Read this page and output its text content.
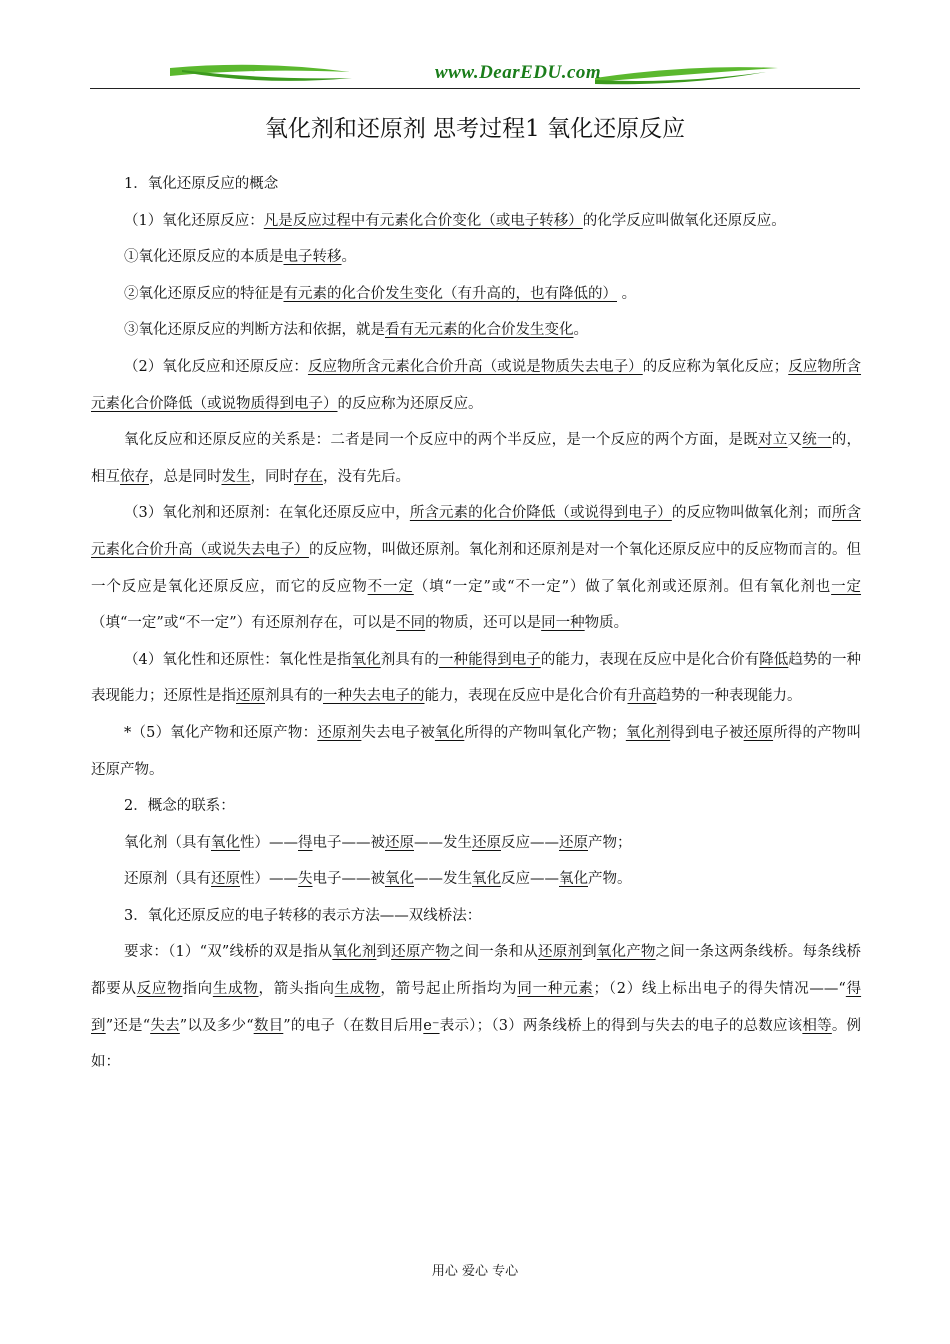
www.DearEDU.com
氧化剂和还原剂 思考过程1 氧化还原反应

1．氧化还原反应的概念

（1）氧化还原反应：凡是反应过程中有元素化合价变化（或电子转移）的化学反应叫做氧化还原反应。

①氧化还原反应的本质是电子转移。

②氧化还原反应的特征是有元素的化合价发生变化（有升高的，也有降低的） 。

③氧化还原反应的判断方法和依据，就是看有无元素的化合价发生变化。

（2）氧化反应和还原反应：反应物所含元素化合价升高（或说是物质失去电子）的反应称为氧化反应；反应物所含元素化合价降低（或说物质得到电子）的反应称为还原反应。

氧化反应和还原反应的关系是：二者是同一个反应中的两个半反应，是一个反应的两个方面，是既对立又统一的，相互依存，总是同时发生，同时存在，没有先后。

（3）氧化剂和还原剂：在氧化还原反应中，所含元素的化合价降低（或说得到电子）的反应物叫做氧化剂；而所含元素化合价升高（或说失去电子）的反应物，叫做还原剂。氧化剂和还原剂是对一个氧化还原反应中的反应物而言的。但一个反应是氧化还原反应，而它的反应物不一定（填“一定”或“不一定”）做了氧化剂或还原剂。但有氧化剂也一定（填“一定”或“不一定”）有还原剂存在，可以是不同的物质，还可以是同一种物质。

（4）氧化性和还原性：氧化性是指氧化剂具有的一种能得到电子的能力，表现在反应中是化合价有降低趋势的一种表现能力；还原性是指还原剂具有的一种失去电子的能力，表现在反应中是化合价有升高趋势的一种表现能力。

*（5）氧化产物和还原产物：还原剂失去电子被氧化所得的产物叫氧化产物；氧化剂得到电子被还原所得的产物叫还原产物。

2．概念的联系：

氧化剂（具有氧化性）——得电子——被还原——发生还原反应——还原产物；

还原剂（具有还原性）——失电子——被氧化——发生氧化反应——氧化产物。

3．氧化还原反应的电子转移的表示方法——双线桥法：

要求：（1）“双”线桥的双是指从氧化剂到还原产物之间一条和从还原剂到氧化产物之间一条这两条线桥。每条线桥都要从反应物指向生成物，箭头指向生成物，箭号起止所指均为同一种元素；（2）线上标出电子的得失情况——“得到”还是“失去”以及多少“数目”的电子（在数目后用e⁻表示）；（3）两条线桥上的得到与失去的电子的总数应该相等。例如：

用心 爱心 专心
